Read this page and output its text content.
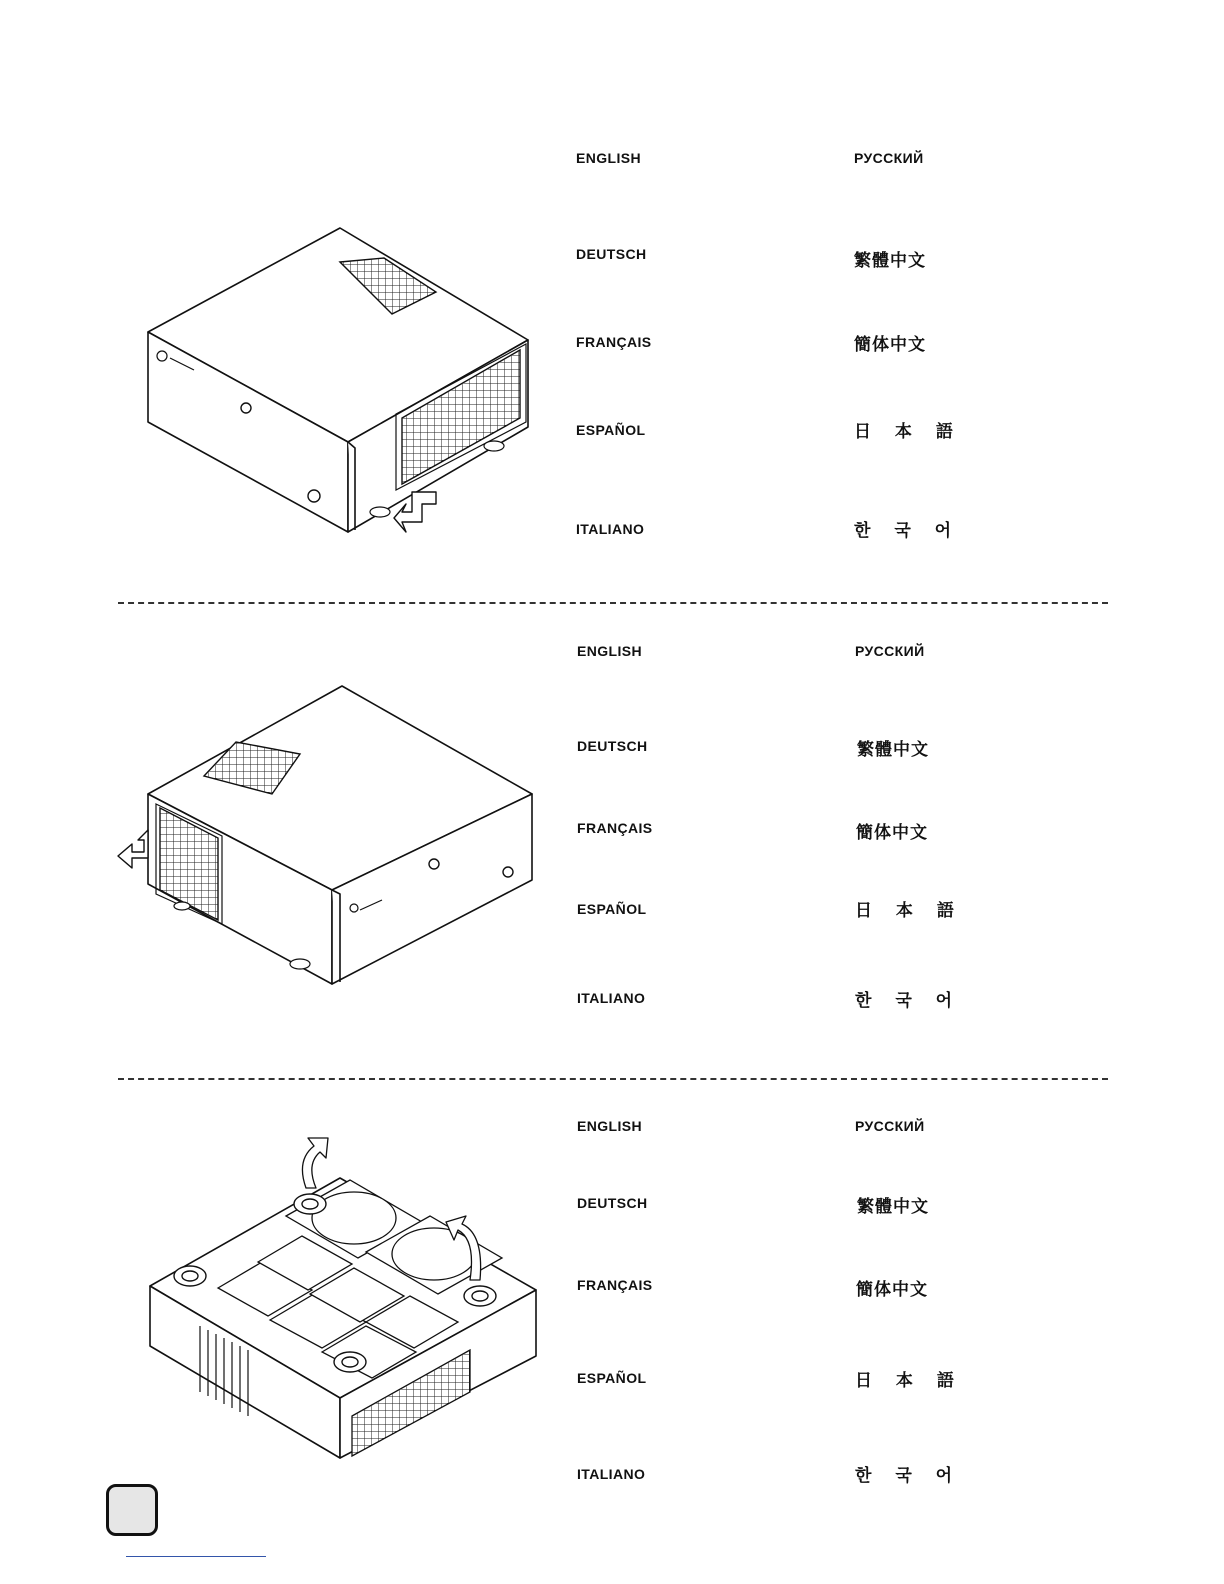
ENGLISH
DEUTSCH
FRANÇAIS
ESPAÑOL
ITALIANO
РУССКИЙ
繁體中文
簡体中文
日 本 語
한 국 어
ENGLISH
DEUTSCH
FRANÇAIS
ESPAÑOL
ITALIANO
РУССКИЙ
繁體中文
簡体中文
日 本 語
한 국 어
ENGLISH
DEUTSCH
FRANÇAIS
ESPAÑOL
ITALIANO
РУССКИЙ
繁體中文
簡体中文
日 本 語
한 국 어
